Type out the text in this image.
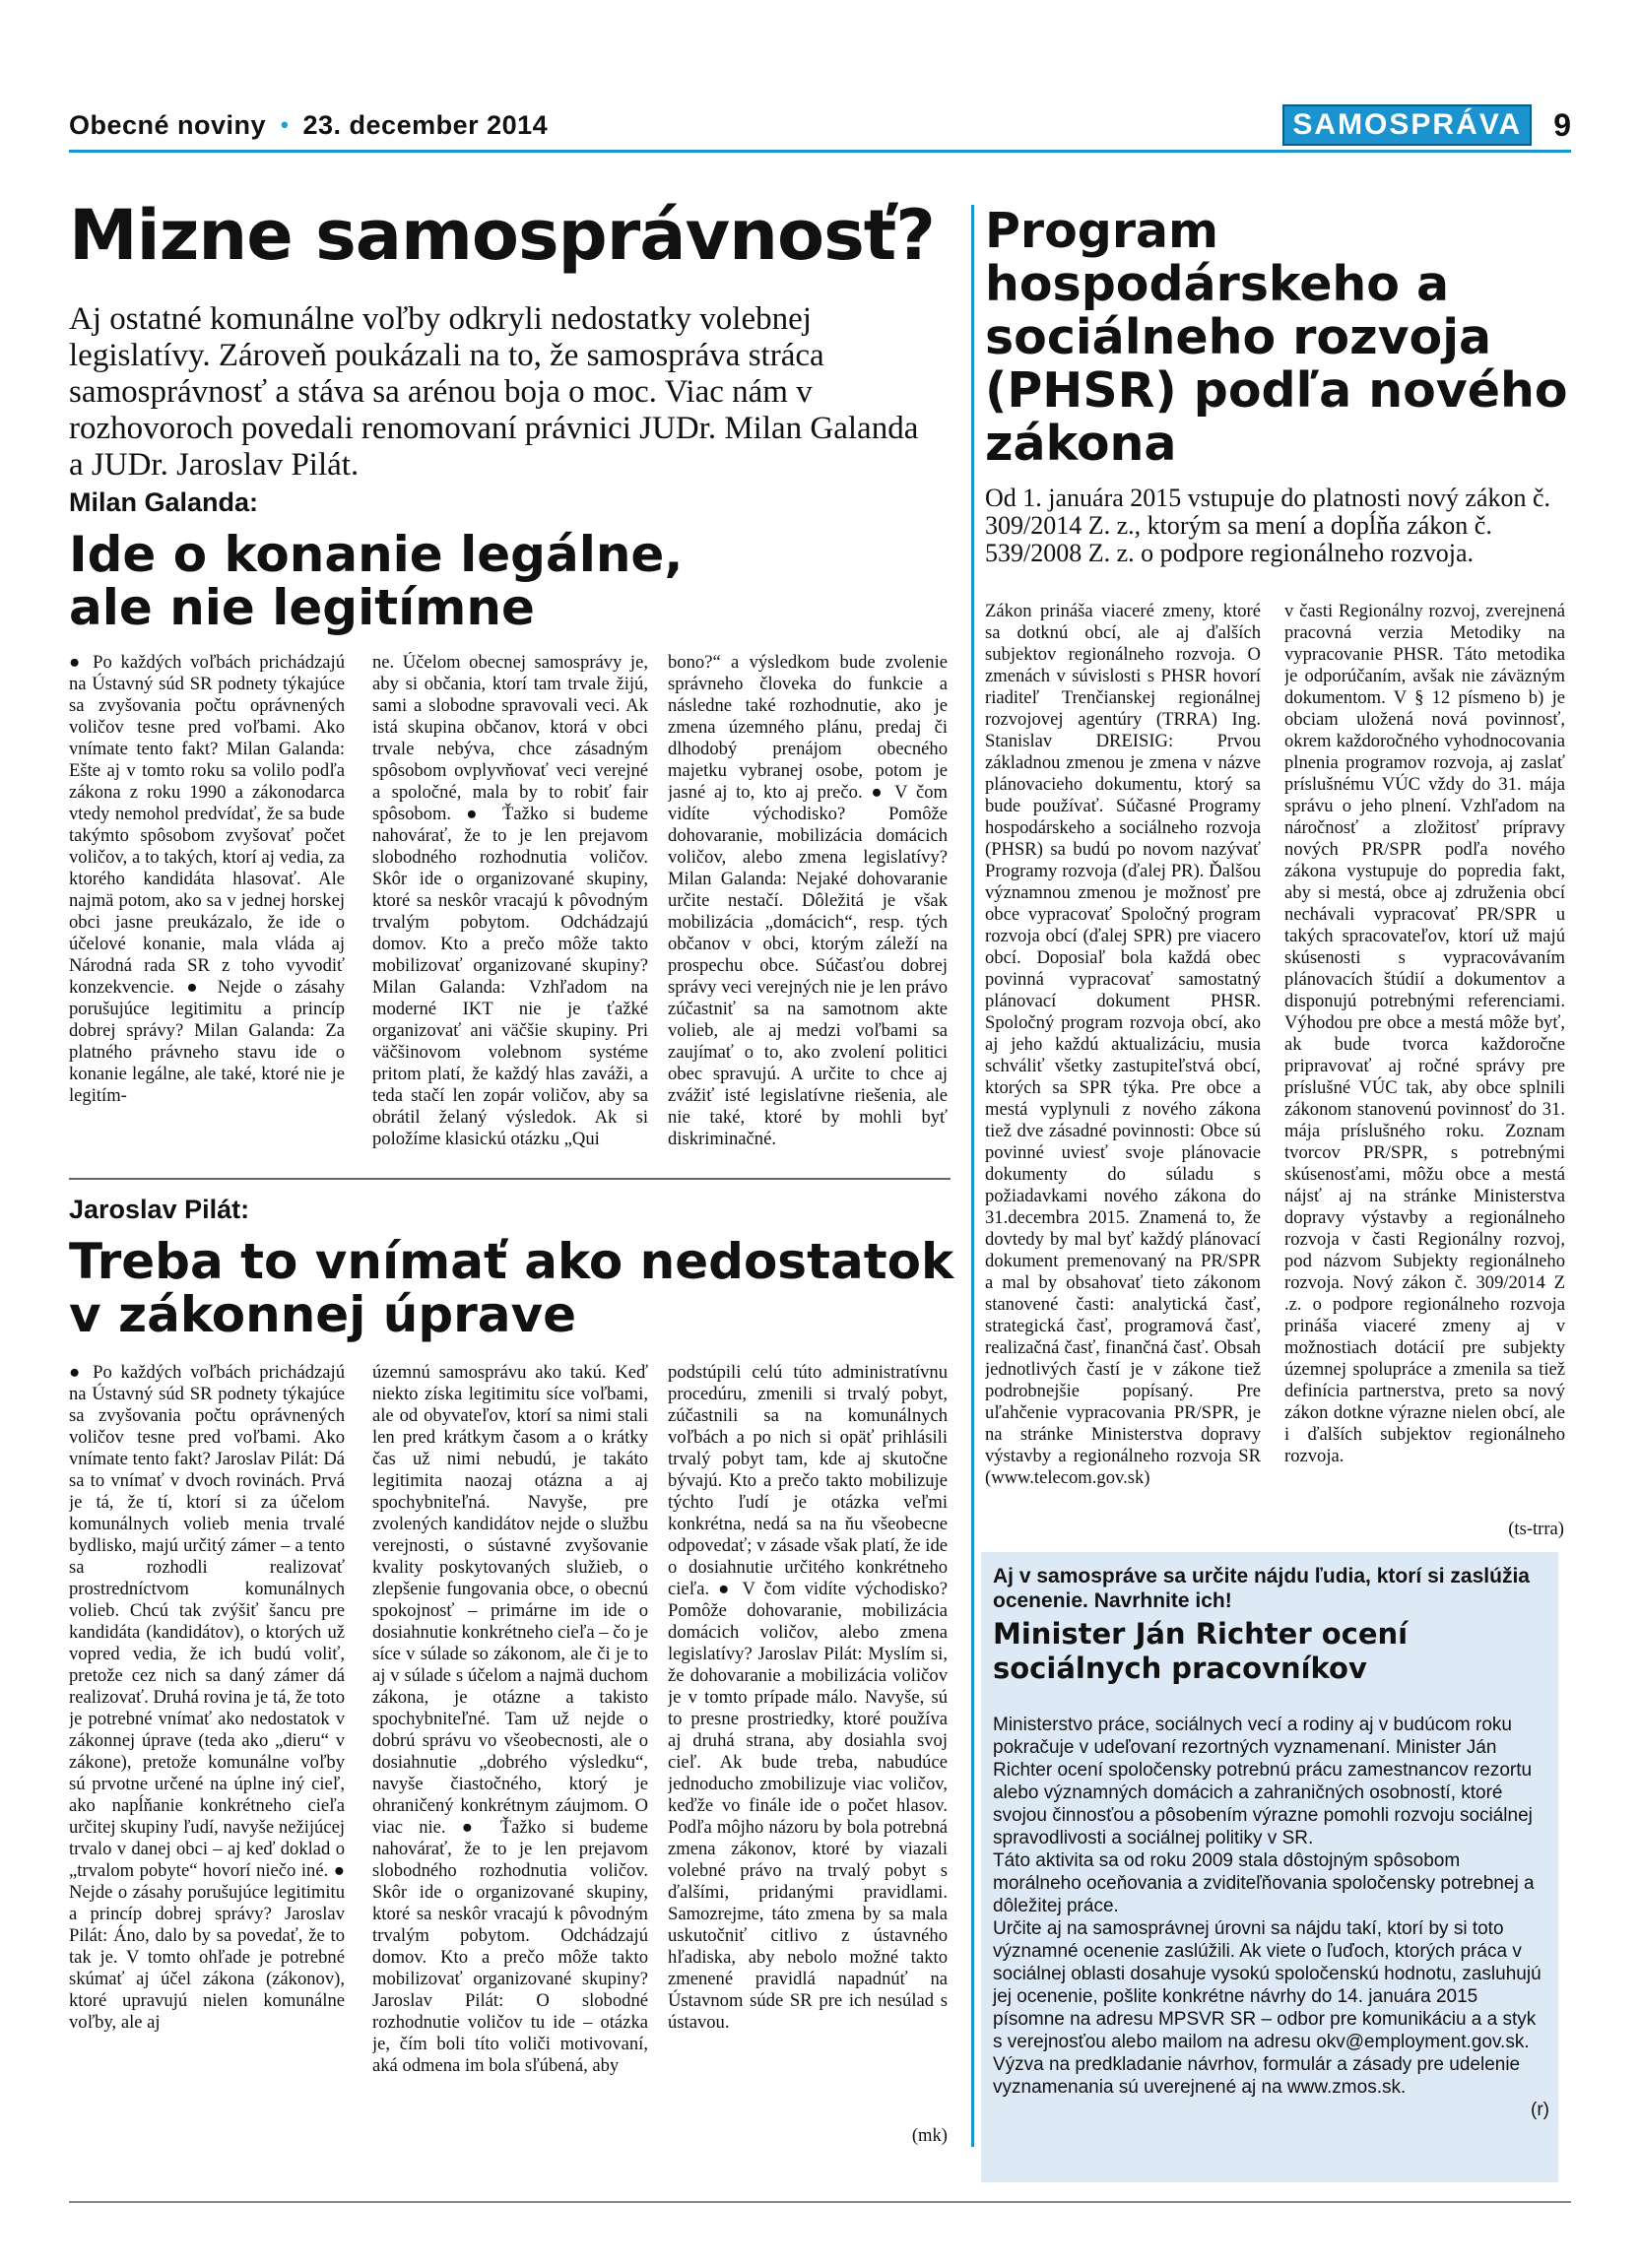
Obecné noviny • 23. december 2014	SAMOSPRÁVA	9
Mizne samosprávnosť?
Aj ostatné komunálne voľby odkryli nedostatky volebnej legislatívy. Zároveň poukázali na to, že samospráva stráca samosprávnosť a stáva sa arénou boja o moc. Viac nám v rozhovoroch povedali renomovaní právnici JUDr. Milan Galanda a JUDr. Jaroslav Pilát.
Milan Galanda:
Ide o konanie legálne,
ale nie legitímne

● Po každých voľbách prichádzajú na Ústavný súd SR podnety týkajúce sa zvyšovania počtu oprávnených voličov tesne pred voľbami. Ako vnímate tento fakt? Milan Galanda: Ešte aj v tomto roku sa volilo podľa zákona z roku 1990 a zákonodarca vtedy nemohol predvídať, že sa bude takýmto spôsobom zvyšovať počet voličov, a to takých, ktorí aj vedia, za ktorého kandidáta hlasovať. Ale najmä potom, ako sa v jednej horskej obci jasne preukázalo, že ide o účelové konanie, mala vláda aj Národná rada SR z toho vyvodiť konzekvencie. ● Nejde o zásahy porušujúce legitimitu a princíp dobrej správy? Milan Galanda: Za platného právneho stavu ide o konanie legálne, ale také, ktoré nie je legitím-

ne. Účelom obecnej samosprávy je, aby si občania, ktorí tam trvale žijú, sami a slobodne spravovali veci. Ak istá skupina občanov, ktorá v obci trvale nebýva, chce zásadným spôsobom ovplyvňovať veci verejné a spoločné, mala by to robiť fair spôsobom. ● Ťažko si budeme nahovárať, že to je len prejavom slobodného rozhodnutia voličov. Skôr ide o organizované skupiny, ktoré sa neskôr vracajú k pôvodným trvalým pobytom. Odchádzajú domov. Kto a prečo môže takto mobilizovať organizované skupiny? Milan Galanda: Vzhľadom na moderné IKT nie je ťažké organizovať ani väčšie skupiny. Pri väčšinovom volebnom systéme pritom platí, že každý hlas zaváži, a teda stačí len zopár voličov, aby sa obrátil želaný výsledok. Ak si položíme klasickú otázku „Qui

bono?“ a výsledkom bude zvolenie správneho človeka do funkcie a následne také rozhodnutie, ako je zmena územného plánu, predaj či dlhodobý prenájom obecného majetku vybranej osobe, potom je jasné aj to, kto aj prečo. ● V čom vidíte východisko? Pomôže dohovaranie, mobilizácia domácich voličov, alebo zmena legislatívy? Milan Galanda: Nejaké dohovaranie určite nestačí. Dôležitá je však mobilizácia „domácich“, resp. tých občanov v obci, ktorým záleží na prospechu obce. Súčasťou dobrej správy veci verejných nie je len právo zúčastniť sa na samotnom akte volieb, ale aj medzi voľbami sa zaujímať o to, ako zvolení politici obec spravujú. A určite to chce aj zvážiť isté legislatívne riešenia, ale nie také, ktoré by mohli byť diskriminačné.

Jaroslav Pilát:
Treba to vnímať ako nedostatok
v zákonnej úprave

● Po každých voľbách prichádzajú na Ústavný súd SR podnety týkajúce sa zvyšovania počtu oprávnených voličov tesne pred voľbami. Ako vnímate tento fakt? Jaroslav Pilát: Dá sa to vnímať v dvoch rovinách. Prvá je tá, že tí, ktorí si za účelom komunálnych volieb menia trvalé bydlisko, majú určitý zámer – a tento sa rozhodli realizovať prostredníctvom komunálnych volieb. Chcú tak zvýšiť šancu pre kandidáta (kandidátov), o ktorých už vopred vedia, že ich budú voliť, pretože cez nich sa daný zámer dá realizovať. Druhá rovina je tá, že toto je potrebné vnímať ako nedostatok v zákonnej úprave (teda ako „dieru“ v zákone), pretože komunálne voľby sú prvotne určené na úplne iný cieľ, ako napĺňanie konkrétneho cieľa určitej skupiny ľudí, navyše nežijúcej trvalo v danej obci – aj keď doklad o „trvalom pobyte“ hovorí niečo iné. ● Nejde o zásahy porušujúce legitimitu a princíp dobrej správy? Jaroslav Pilát: Áno, dalo by sa povedať, že to tak je. V tomto ohľade je potrebné skúmať aj účel zákona (zákonov), ktoré upravujú nielen komunálne voľby, ale aj

územnú samosprávu ako takú. Keď niekto získa legitimitu síce voľbami, ale od obyvateľov, ktorí sa nimi stali len pred krátkym časom a o krátky čas už nimi nebudú, je takáto legitimita naozaj otázna a aj spochybniteľná. Navyše, pre zvolených kandidátov nejde o službu verejnosti, o sústavné zvyšovanie kvality poskytovaných služieb, o zlepšenie fungovania obce, o obecnú spokojnosť – primárne im ide o dosiahnutie konkrétneho cieľa – čo je síce v súlade so zákonom, ale či je to aj v súlade s účelom a najmä duchom zákona, je otázne a takisto spochybniteľné. Tam už nejde o dobrú správu vo všeobecnosti, ale o dosiahnutie „dobrého výsledku“, navyše čiastočného, ktorý je ohraničený konkrétnym záujmom. O viac nie. ● Ťažko si budeme nahovárať, že to je len prejavom slobodného rozhodnutia voličov. Skôr ide o organizované skupiny, ktoré sa neskôr vracajú k pôvodným trvalým pobytom. Odchádzajú domov. Kto a prečo môže takto mobilizovať organizované skupiny? Jaroslav Pilát: O slobodné rozhodnutie voličov tu ide – otázka je, čím boli títo voliči motivovaní, aká odmena im bola sľúbená, aby

podstúpili celú túto administratívnu procedúru, zmenili si trvalý pobyt, zúčastnili sa na komunálnych voľbách a po nich si opäť prihlásili trvalý pobyt tam, kde aj skutočne bývajú. Kto a prečo takto mobilizuje týchto ľudí je otázka veľmi konkrétna, nedá sa na ňu všeobecne odpovedať; v zásade však platí, že ide o dosiahnutie určitého konkrétneho cieľa. ● V čom vidíte východisko? Pomôže dohovaranie, mobilizácia domácich voličov, alebo zmena legislatívy? Jaroslav Pilát: Myslím si, že dohovaranie a mobilizácia voličov je v tomto prípade málo. Navyše, sú to presne prostriedky, ktoré používa aj druhá strana, aby dosiahla svoj cieľ. Ak bude treba, nabudúce jednoducho zmobilizuje viac voličov, keďže vo finále ide o počet hlasov. Podľa môjho názoru by bola potrebná zmena zákonov, ktoré by viazali volebné právo na trvalý pobyt s ďalšími, pridanými pravidlami. Samozrejme, táto zmena by sa mala uskutočniť citlivo z ústavného hľadiska, aby nebolo možné takto zmenené pravidlá napadnúť na Ústavnom súde SR pre ich nesúlad s ústavou.

(mk)
Program hospodárskeho a sociálneho rozvoja (PHSR) podľa nového zákona
Od 1. januára 2015 vstupuje do platnosti nový zákon č. 309/2014 Z. z., ktorým sa mení a dopĺňa zákon č. 539/2008 Z. z. o podpore regionálneho rozvoja.

Zákon prináša viaceré zmeny, ktoré sa dotknú obcí, ale aj ďalších subjektov regionálneho rozvoja. O zmenách v súvislosti s PHSR hovorí riaditeľ Trenčianskej regionálnej rozvojovej agentúry (TRRA) Ing. Stanislav DREISIG: Prvou základnou zmenou je zmena v názve plánovacieho dokumentu, ktorý sa bude používať. Súčasné Programy hospodárskeho a sociálneho rozvoja (PHSR) sa budú po novom nazývať Programy rozvoja (ďalej PR). Ďalšou významnou zmenou je možnosť pre obce vypracovať Spoločný program rozvoja obcí (ďalej SPR) pre viacero obcí. Doposiaľ bola každá obec povinná vypracovať samostatný plánovací dokument PHSR. Spoločný program rozvoja obcí, ako aj jeho každú aktualizáciu, musia schváliť všetky zastupiteľstvá obcí, ktorých sa SPR týka. Pre obce a mestá vyplynuli z nového zákona tiež dve zásadné povinnosti: Obce sú povinné uviesť svoje plánovacie dokumenty do súladu s požiadavkami nového zákona do 31.decembra 2015. Znamená to, že dovtedy by mal byť každý plánovací dokument premenovaný na PR/SPR a mal by obsahovať tieto zákonom stanovené časti: analytická časť, strategická časť, programová časť, realizačná časť, finančná časť. Obsah jednotlivých častí je v zákone tiež podrobnejšie popísaný. Pre uľahčenie vypracovania PR/SPR, je na stránke Ministerstva dopravy výstavby a regionálneho rozvoja SR (www.telecom.gov.sk)

v časti Regionálny rozvoj, zverejnená pracovná verzia Metodiky na vypracovanie PHSR. Táto metodika je odporúčaním, avšak nie záväzným dokumentom. V § 12 písmeno b) je obciam uložená nová povinnosť, okrem každoročného vyhodnocovania plnenia programov rozvoja, aj zaslať príslušnému VÚC vždy do 31. mája správu o jeho plnení. Vzhľadom na náročnosť a zložitosť prípravy nových PR/SPR podľa nového zákona vystupuje do popredia fakt, aby si mestá, obce aj združenia obcí nechávali vypracovať PR/SPR u takých spracovateľov, ktorí už majú skúsenosti s vypracovávaním plánovacích štúdií a dokumentov a disponujú potrebnými referenciami. Výhodou pre obce a mestá môže byť, ak bude tvorca každoročne pripravovať aj ročné správy pre príslušné VÚC tak, aby obce splnili zákonom stanovenú povinnosť do 31. mája príslušného roku. Zoznam tvorcov PR/SPR, s potrebnými skúsenosťami, môžu obce a mestá nájsť aj na stránke Ministerstva dopravy výstavby a regionálneho rozvoja v časti Regionálny rozvoj, pod názvom Subjekty regionálneho rozvoja. Nový zákon č. 309/2014 Z .z. o podpore regionálneho rozvoja prináša viaceré zmeny aj v možnostiach dotácií pre subjekty územnej spolupráce a zmenila sa tiež definícia partnerstva, preto sa nový zákon dotkne výrazne nielen obcí, ale i ďalších subjektov regionálneho rozvoja.

(ts-trra)
Aj v samospráve sa určite nájdu ľudia, ktorí si zaslúžia ocenenie. Navrhnite ich!
Minister Ján Richter ocení sociálnych pracovníkov
Ministerstvo práce, sociálnych vecí a rodiny aj v budúcom roku pokračuje v udeľovaní rezortných vyznamenaní. Minister Ján Richter ocení spoločensky potrebnú prácu zamestnancov rezortu alebo významných domácich a zahraničných osobností, ktoré svojou činnosťou a pôsobením výrazne pomohli rozvoju sociálnej spravodlivosti a sociálnej politiky v SR.
Táto aktivita sa od roku 2009 stala dôstojným spôsobom morálneho oceňovania a zviditeľňovania spoločensky potrebnej a dôležitej práce.
Určite aj na samosprávnej úrovni sa nájdu takí, ktorí by si toto významné ocenenie zaslúžili. Ak viete o ľuďoch, ktorých práca v sociálnej oblasti dosahuje vysokú spoločenskú hodnotu, zasluhujú jej ocenenie, pošlite konkrétne návrhy do 14. januára 2015 písomne na adresu MPSVR SR – odbor pre komunikáciu a a styk s verejnosťou alebo mailom na adresu okv@employment.gov.sk. Výzva na predkladanie návrhov, formulár a zásady pre udelenie vyznamenania sú uverejnené aj na www.zmos.sk.
(r)
